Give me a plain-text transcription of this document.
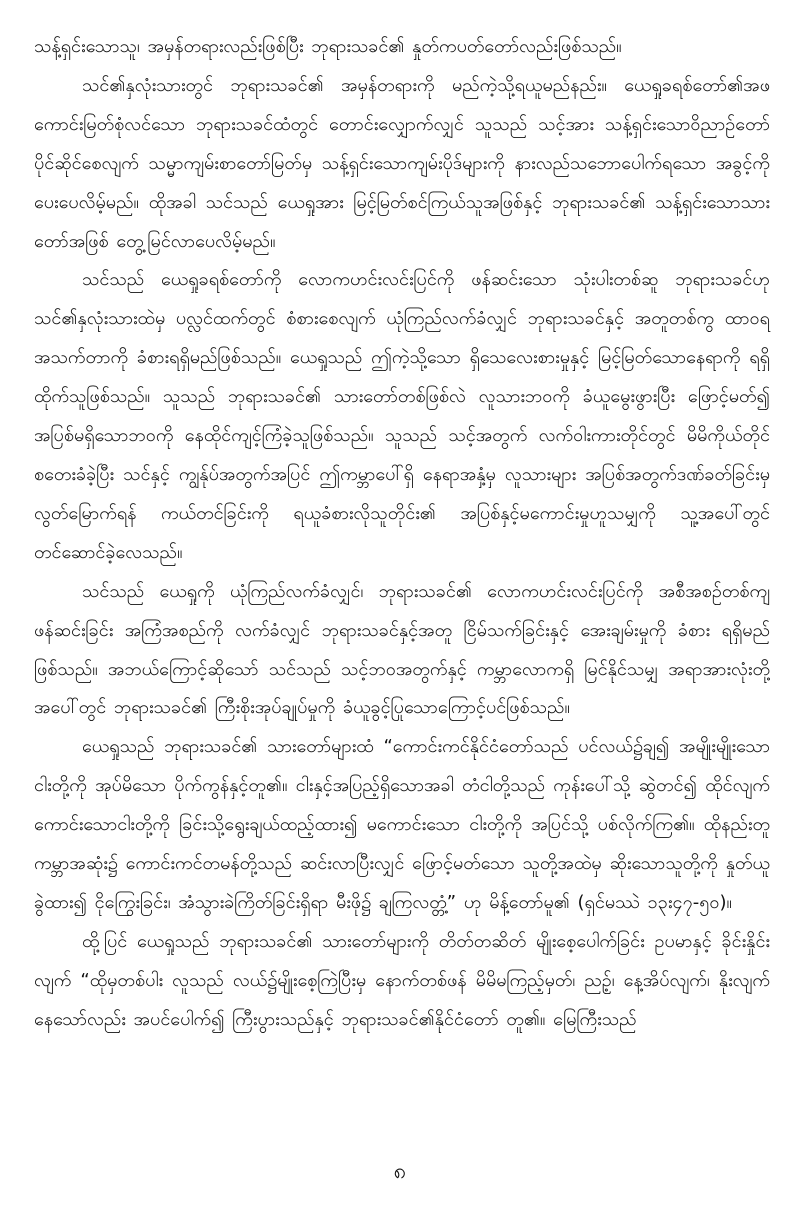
သန့်ရှင်းသောသူ၊ အမှန်တရားလည်းဖြစ်ပြီး ဘုရားသခင်၏ နှုတ်ကပတ်တော်လည်းဖြစ်သည်။

သင်၏နှလုံးသားတွင် ဘုရားသခင်၏ အမှန်တရားကို မည်ကဲ့သို့ရယူမည်နည်း။ ယေရှုခရစ်တော်၏အဖ ကောင်းမြတ်စုံလင်သော ဘုရားသခင်ထံတွင် တောင်းလျှောက်လျှင် သူသည် သင့်အား သန့်ရှင်းသောဝိညာဉ်တော် ပိုင်ဆိုင်စေလျက် သမ္မာကျမ်းစာတော်မြတ်မှ သန့်ရှင်းသောကျမ်းပိုဒ်များကို နားလည်သဘောပေါက်ရသော အခွင့်ကို ပေးပေလိမ့်မည်။ ထိုအခါ သင်သည် ယေရှုအား မြင့်မြတ်စင်ကြယ်သူအဖြစ်နှင့် ဘုရားသခင်၏ သန့်ရှင်းသောသားတော်အဖြစ် တွေ့မြင်လာပေလိမ့်မည်။

သင်သည် ယေရှုခရစ်တော်ကို လောကဟင်းလင်းပြင်ကို ဖန်ဆင်းသော သုံးပါးတစ်ဆူ ဘုရားသခင်ဟု သင်၏နှလုံးသားထဲမှ ပလ္လင်ထက်တွင် စံစားစေလျက် ယုံကြည်လက်ခံလျှင် ဘုရားသခင်နှင့် အတူတစ်ကွ ထာဝရအသက်တာကို ခံစားရရှိမည်ဖြစ်သည်။ ယေရှုသည် ဤကဲ့သို့သော ရှိသေလေးစားမှုနှင့် မြင့်မြတ်သောနေရာကို ရရှိထိုက်သူဖြစ်သည်။ သူသည် ဘုရားသခင်၏ သားတော်တစ်ဖြစ်လဲ လူသားဘဝကို ခံယူမွေးဖွားပြီး ဖြောင့်မတ်၍ အပြစ်မရှိသောဘဝကို နေထိုင်ကျင့်ကြံခဲ့သူဖြစ်သည်။ သူသည် သင့်အတွက် လက်ဝါးကားတိုင်တွင် မိမိကိုယ်တိုင် စတေးခံခဲ့ပြီး သင်နှင့် ကျွန်ုပ်အတွက်အပြင် ဤကမ္ဘာပေါ်ရှိ နေရာအနှံ့မှ လူသားများ အပြစ်အတွက်ဒဏ်ခတ်ခြင်းမှ လွတ်မြောက်ရန် ကယ်တင်ခြင်းကို ရယူခံစားလိုသူတိုင်း၏ အပြစ်နှင့်မကောင်းမှုဟူသမျှကို သူ့အပေါ်တွင် တင်ဆောင်ခဲ့လေသည်။

သင်သည် ယေရှုကို ယုံကြည်လက်ခံလျှင်၊ ဘုရားသခင်၏ လောကဟင်းလင်းပြင်ကို အစီအစဉ်တစ်ကျ ဖန်ဆင်းခြင်း အကြံအစည်ကို လက်ခံလျှင် ဘုရားသခင်နှင့်အတူ ငြိမ်သက်ခြင်းနှင့် အေးချမ်းမှုကို ခံစား ရရှိမည်ဖြစ်သည်။ အဘယ်ကြောင့်ဆိုသော် သင်သည် သင့်ဘဝအတွက်နှင့် ကမ္ဘာလောကရှိ မြင်နိုင်သမျှ အရာအားလုံးတို့အပေါ်တွင် ဘုရားသခင်၏ ကြီးစိုးအုပ်ချုပ်မှုကို ခံယူခွင့်ပြုသောကြောင့်ပင်ဖြစ်သည်။

ယေရှုသည် ဘုရားသခင်၏ သားတော်များထံ “ကောင်းကင်နိုင်ငံတော်သည် ပင်လယ်၌ချ၍ အမျိုးမျိုးသောငါးတို့ကို အုပ်မိသော ပိုက်ကွန်နှင့်တူ၏။ ငါးနှင့်အပြည့်ရှိသောအခါ တံငါတို့သည် ကုန်းပေါ်သို့ ဆွဲတင်၍ ထိုင်လျက် ကောင်းသောငါးတို့ကို ခြင်းသို့ရွေးချယ်ထည့်ထား၍ မကောင်းသော ငါးတို့ကို အပြင်သို့ ပစ်လိုက်ကြ၏။ ထိုနည်းတူ ကမ္ဘာအဆုံး၌ ကောင်းကင်တမန်တို့သည် ဆင်းလာပြီးလျှင် ဖြောင့်မတ်သော သူတို့အထဲမှ ဆိုးသောသူတို့ကို နှုတ်ယူခွဲထား၍ ငိုကြွေးခြင်း၊ အံသွားခဲကြိတ်ခြင်းရှိရာ မီးဖို၌ ချကြလတ္တံ့” ဟု မိန့်တော်မူ၏ (ရှင်မဿဲ ၁၃း၄၇-၅၀)။

ထို့ပြင် ယေရှုသည် ဘုရားသခင်၏ သားတော်များကို တိတ်တဆိတ် မျိုးစေ့ပေါက်ခြင်း ဥပမာနှင့် ခိုင်းနှိုင်းလျက် “ထိုမှတစ်ပါး လူသည် လယ်၌မျိုးစေ့ကြဲပြီးမှ နောက်တစ်ဖန် မိမိမကြည့်မှတ်၊ ညဉ့်၊ နေ့အိပ်လျက်၊ နိုးလျက်နေသော်လည်း အပင်ပေါက်၍ ကြီးပွားသည်နှင့် ဘုရားသခင်၏နိုင်ငံတော် တူ၏။ မြေကြီးသည်

၈
